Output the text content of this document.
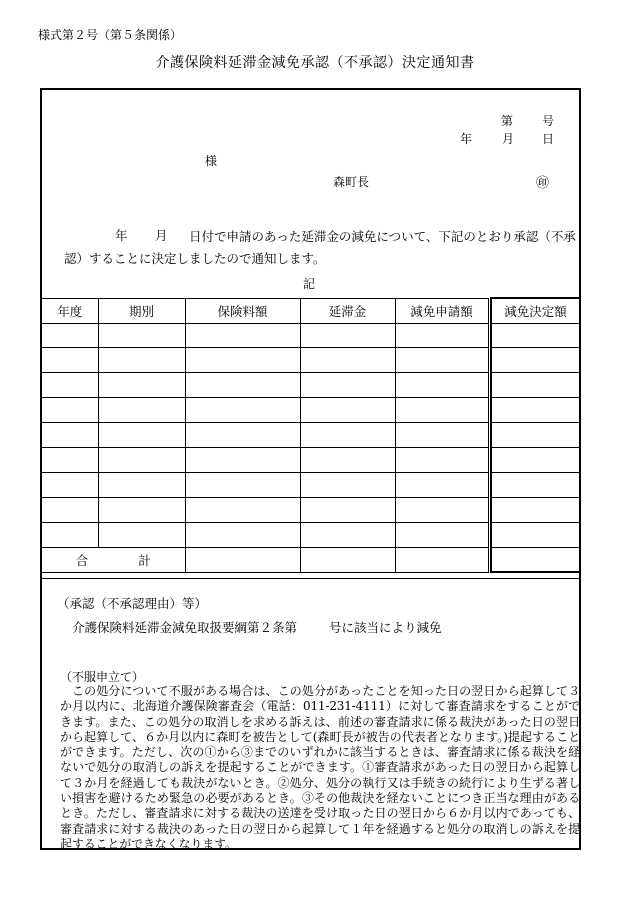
様式第２号（第５条関係）
介護保険料延滞金減免承認（不承認）決定通知書
第 号
年 月 日
様
森町長	㊞
年 月	日付で申請のあった延滞金の減免について、下記のとおり承認（不承認）することに決定しましたので通知します。
記
年度	期別	保険料額	延滞金	減免申請額		減免決定額

合 計						
（承認（不承認理由）等）
介護保険料延滞金減免取扱要綱第２条第	号に該当により減免
（不服申立て）
この処分について不服がある場合は、この処分があったことを知った日の翌日から起算して３か月以内に、北海道介護保険審査会（電話：011-231-4111）に対して審査請求をすることができます。また、この処分の取消しを求める訴えは、前述の審査請求に係る裁決があった日の翌日から起算して、６か月以内に森町を被告として(森町長が被告の代表者となります。)提起することができます。ただし、次の①から③までのいずれかに該当するときは、審査請求に係る裁決を経ないで処分の取消しの訴えを提起することができます。①審査請求があった日の翌日から起算して３か月を経過しても裁決がないとき。②処分、処分の執行又は手続きの続行により生ずる著しい損害を避けるため緊急の必要があるとき。③その他裁決を経ないことにつき正当な理由があるとき。ただし、審査請求に対する裁決の送達を受け取った日の翌日から６か月以内であっても、審査請求に対する裁決のあった日の翌日から起算して１年を経過すると処分の取消しの訴えを提起することができなくなります。
